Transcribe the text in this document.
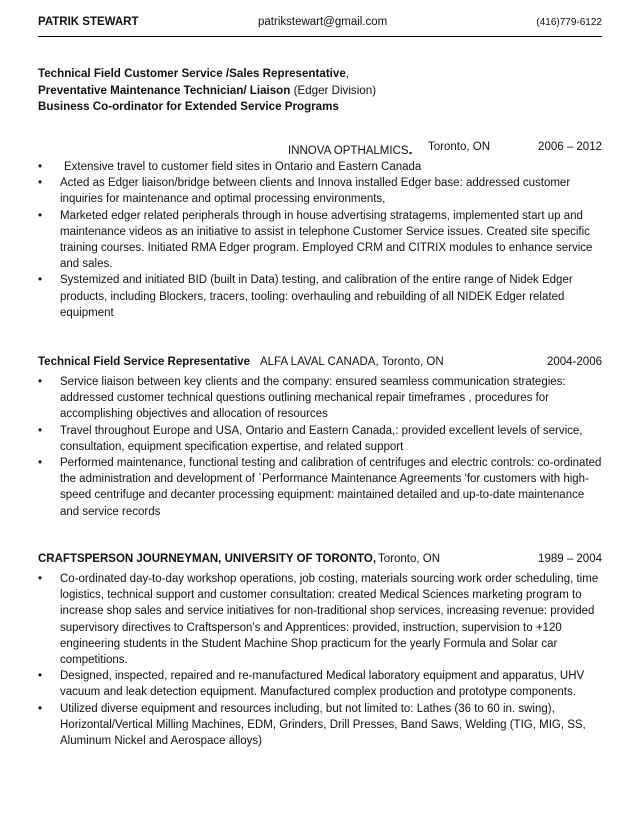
PATRIK STEWART	patrikstewart@gmail.com	(416)779-6122
Technical Field Customer Service /Sales Representative,
Preventative Maintenance Technician/ Liaison (Edger Division)
Business Co-ordinator for Extended Service Programs
INNOVA OPTHALMICS. Toronto, ON	2006 – 2012
• Extensive travel to customer field sites in Ontario and Eastern Canada
• Acted as Edger liaison/bridge between clients and Innova installed Edger base: addressed customer inquiries for maintenance and optimal processing environments,
• Marketed edger related peripherals through in house advertising stratagems, implemented start up and maintenance videos as an initiative to assist in telephone Customer Service issues. Created site specific training courses. Initiated RMA Edger program. Employed CRM and CITRIX modules to enhance service and sales.
• Systemized and initiated BID (built in Data) testing, and calibration of the entire range of Nidek Edger products, including Blockers, tracers, tooling: overhauling and rebuilding of all NIDEK Edger related equipment
Technical Field Service Representative ALFA LAVAL CANADA, Toronto, ON	2004-2006
• Service liaison between key clients and the company: ensured seamless communication strategies: addressed customer technical questions outlining mechanical repair timeframes , procedures for accomplishing objectives and allocation of resources
• Travel throughout Europe and USA, Ontario and Eastern Canada,: provided excellent levels of service, consultation, equipment specification expertise, and related support
• Performed maintenance, functional testing and calibration of centrifuges and electric controls: co-ordinated the administration and development of `Performance Maintenance Agreements 'for customers with high-speed centrifuge and decanter processing equipment: maintained detailed and up-to-date maintenance and service records
CRAFTSPERSON JOURNEYMAN, UNIVERSITY OF TORONTO, Toronto, ON	1989 – 2004
• Co-ordinated day-to-day workshop operations, job costing, materials sourcing work order scheduling, time logistics, technical support and customer consultation: created Medical Sciences marketing program to increase shop sales and service initiatives for non-traditional shop services, increasing revenue: provided supervisory directives to Craftsperson's and Apprentices: provided, instruction, supervision to +120 engineering students in the Student Machine Shop practicum for the yearly Formula and Solar car competitions.
• Designed, inspected, repaired and re-manufactured Medical laboratory equipment and apparatus, UHV vacuum and leak detection equipment. Manufactured complex production and prototype components.
• Utilized diverse equipment and resources including, but not limited to: Lathes (36 to 60 in. swing), Horizontal/Vertical Milling Machines, EDM, Grinders, Drill Presses, Band Saws, Welding (TIG, MIG, SS, Aluminum Nickel and Aerospace alloys)
